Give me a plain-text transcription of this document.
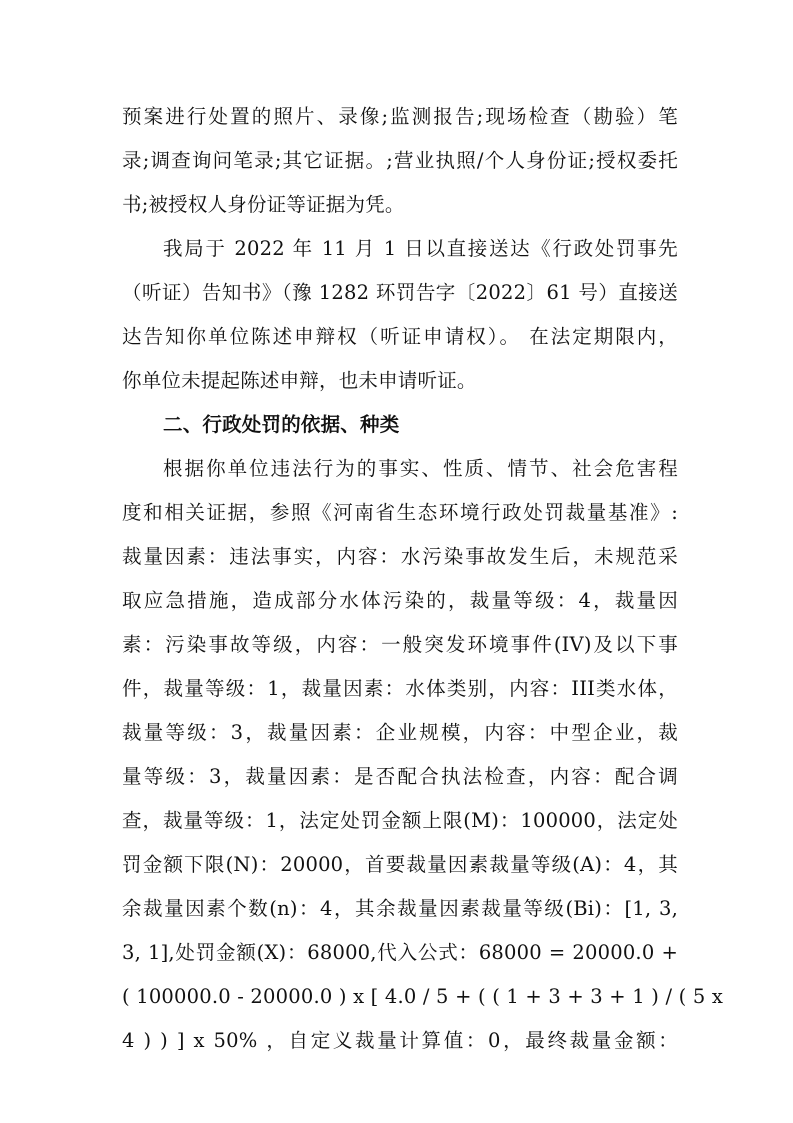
预案进行处置的照片、录像;监测报告;现场检查（勘验）笔
录;调查询问笔录;其它证据。;营业执照/个人身份证;授权委托
书;被授权人身份证等证据为凭。
我局于 2022 年 11 月 1 日以直接送达《行政处罚事先
（听证）告知书》（豫 1282 环罚告字〔2022〕61 号）直接送
达告知你单位陈述申辩权（听证申请权）。 在法定期限内，
你单位未提起陈述申辩，也未申请听证。
二、行政处罚的依据、种类
根据你单位违法行为的事实、性质、情节、社会危害程
度和相关证据，参照《河南省生态环境行政处罚裁量基准》:
裁量因素：违法事实，内容：水污染事故发生后，未规范采
取应急措施，造成部分水体污染的，裁量等级：4，裁量因
素：污染事故等级，内容：一般突发环境事件(IV)及以下事
件，裁量等级：1，裁量因素：水体类别，内容：III类水体，
裁量等级：3，裁量因素：企业规模，内容：中型企业，裁
量等级：3，裁量因素：是否配合执法检查，内容：配合调
查，裁量等级：1，法定处罚金额上限(M)：100000，法定处
罚金额下限(N)：20000，首要裁量因素裁量等级(A)：4，其
余裁量因素个数(n)：4，其余裁量因素裁量等级(Bi)：[1, 3,
3, 1],处罚金额(X)：68000,代入公式：68000 = 20000.0 +
( 100000.0 - 20000.0 ) x [ 4.0 / 5 + ( ( 1 + 3 + 3 + 1 ) / ( 5 x
4 ) ) ] x 50% ，自定义裁量计算值：0，最终裁量金额：
